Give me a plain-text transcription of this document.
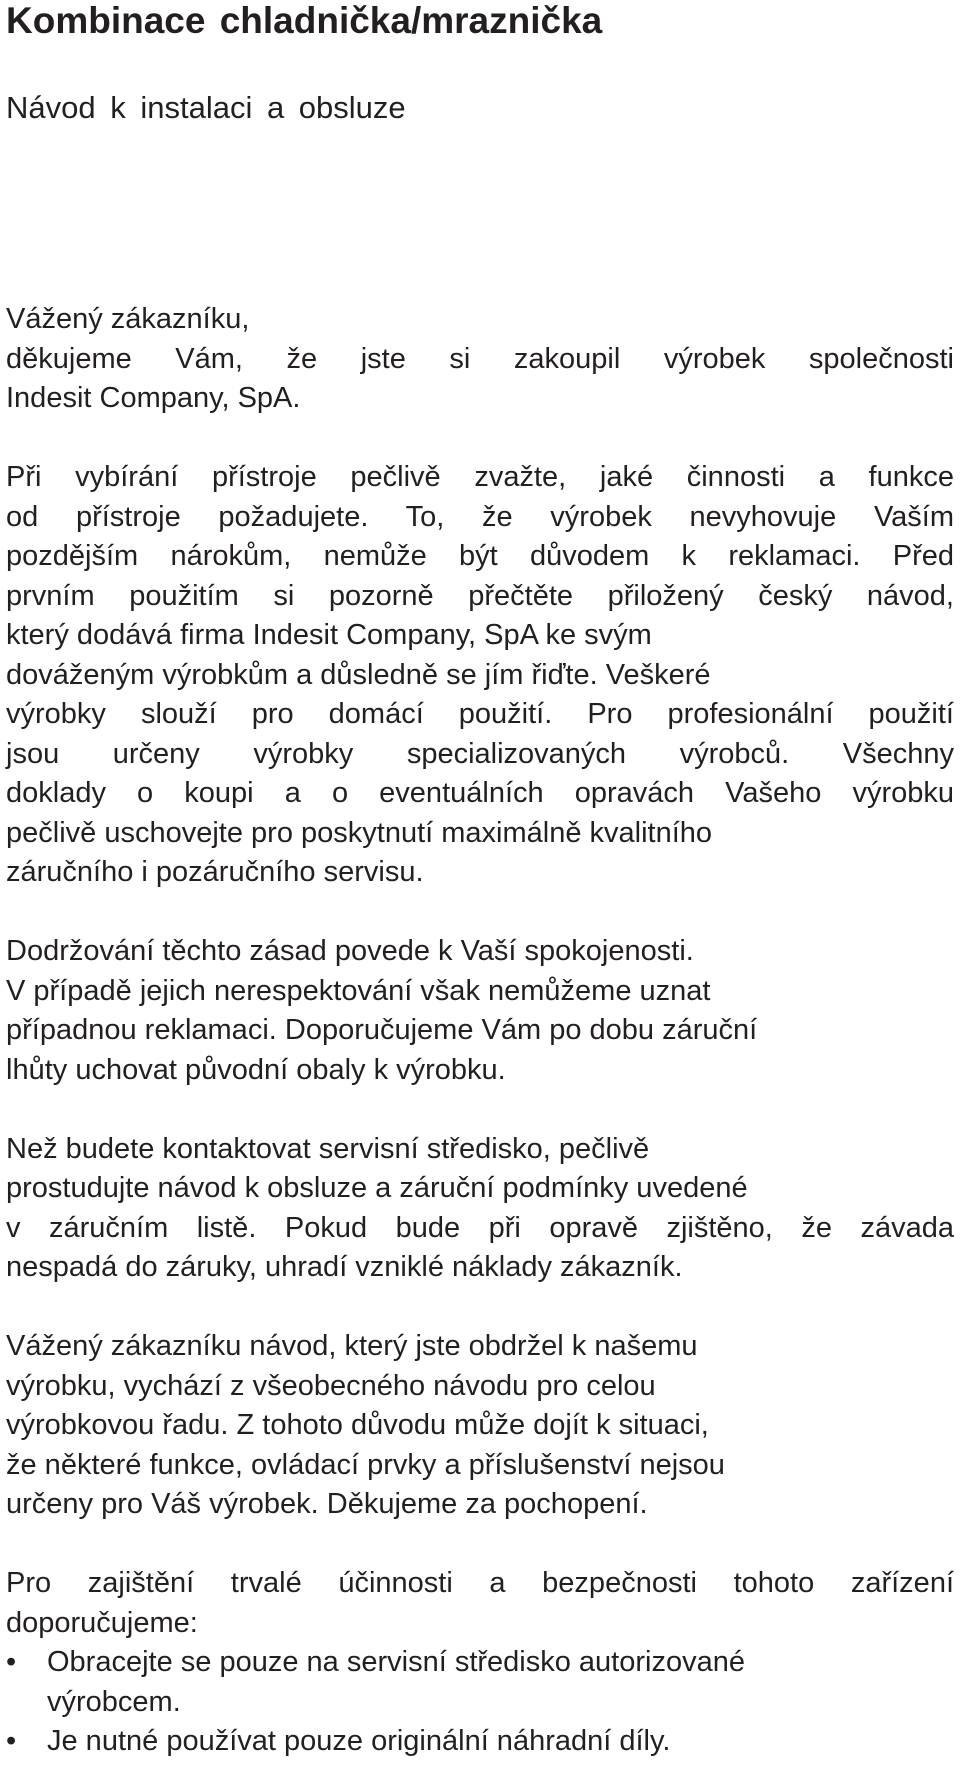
Kombinace chladnička/mraznička
Návod k instalaci a obsluze
Vážený zákazníku,
děkujeme Vám, že jste si zakoupil výrobek společnosti
Indesit Company, SpA.
Při vybírání přístroje pečlivě zvažte, jaké činnosti a funkce
od přístroje požadujete. To, že výrobek nevyhovuje Vaším
pozdějším nárokům, nemůže být důvodem k reklamaci. Před
prvním použitím si pozorně přečtěte přiložený český návod,
který dodává firma Indesit Company, SpA ke svým
dováženým výrobkům a důsledně se jím řiďte. Veškeré
výrobky slouží pro domácí použití. Pro profesionální použití
jsou určeny výrobky specializovaných výrobců. Všechny
doklady o koupi a o eventuálních opravách Vašeho výrobku
pečlivě uschovejte pro poskytnutí maximálně kvalitního
záručního i pozáručního servisu.
Dodržování těchto zásad povede k Vaší spokojenosti.
V případě jejich nerespektování však nemůžeme uznat
případnou reklamaci. Doporučujeme Vám po dobu záruční
lhůty uchovat původní obaly k výrobku.
Než budete kontaktovat servisní středisko, pečlivě
prostudujte návod k obsluze a záruční podmínky uvedené
v záručním listě. Pokud bude při opravě zjištěno, že závada
nespadá do záruky, uhradí vzniklé náklady zákazník.
Vážený zákazníku návod, který jste obdržel k našemu
výrobku, vychází z všeobecného návodu pro celou
výrobkovou řadu. Z tohoto důvodu může dojít k situaci,
že některé funkce, ovládací prvky a příslušenství nejsou
určeny pro Váš výrobek. Děkujeme za pochopení.
Pro zajištění trvalé účinnosti a bezpečnosti tohoto zařízení
doporučujeme:
• Obracejte se pouze na servisní středisko autorizované
výrobcem.
• Je nutné používat pouze originální náhradní díly.
